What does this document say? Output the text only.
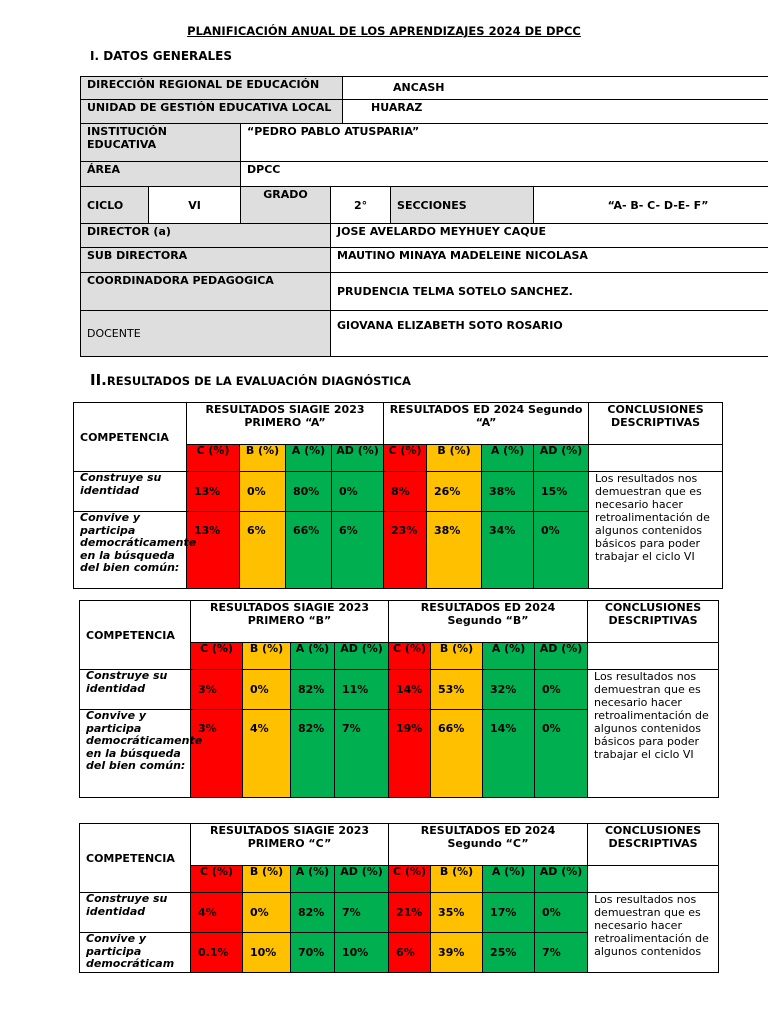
PLANIFICACIÓN ANUAL DE LOS APRENDIZAJES 2024 DE DPCC
I. DATOS GENERALES
II.RESULTADOS DE LA EVALUACIÓN DIAGNÓSTICA
DIRECCIÓN REGIONAL DE EDUCACIÓN				ANCASH		
UNIDAD DE GESTIÓN EDUCATIVA LOCAL				HUARAZ		
INSTITUCIÓN EDUCATIVA		“PEDRO PABLO ATUSPARIA”				
ÁREA		DPCC				
CICLO	VI	GRADO	2°		SECCIONES	“A- B- C- D-E- F”
DIRECTOR (a)			JOSE AVELARDO MEYHUEY CAQUE			
SUB DIRECTORA			MAUTINO MINAYA MADELEINE NICOLASA			
COORDINADORA PEDAGOGICA			PRUDENCIA TELMA SOTELO SANCHEZ.			
DOCENTE			GIOVANA ELIZABETH SOTO ROSARIO			
COMPETENCIA	RESULTADOS SIAGIE 2023 PRIMERO “A”				RESULTADOS ED 2024 Segundo “A”				CONCLUSIONES DESCRIPTIVAS
	C (%)	B (%)	A (%)	AD (%)	C (%)	B (%)	A (%)	AD (%)	
Construye su identidad	13%	0%	80%	0%	8%	26%	38%	15%	Los resultados nos demuestran que es necesario hacer retroalimentación de algunos contenidos básicos para poder trabajar el ciclo VI
Convive y participa democráticamente en la búsqueda del bien común:	13%	6%	66%	6%	23%	38%	34%	0%	
COMPETENCIA	RESULTADOS SIAGIE 2023 PRIMERO “B”				RESULTADOS ED 2024 Segundo “B”				CONCLUSIONES DESCRIPTIVAS
	C (%)	B (%)	A (%)	AD (%)	C (%)	B (%)	A (%)	AD (%)	
Construye su identidad	3%	0%	82%	11%	14%	53%	32%	0%	Los resultados nos demuestran que es necesario hacer retroalimentación de algunos contenidos básicos para poder trabajar el ciclo VI
Convive y participa democráticamente en la búsqueda del bien común:	3%	4%	82%	7%	19%	66%	14%	0%	
COMPETENCIA	RESULTADOS SIAGIE 2023 PRIMERO “C”				RESULTADOS ED 2024 Segundo “C”				CONCLUSIONES DESCRIPTIVAS
	C (%)	B (%)	A (%)	AD (%)	C (%)	B (%)	A (%)	AD (%)	
Construye su identidad	4%	0%	82%	7%	21%	35%	17%	0%	Los resultados nos demuestran que es necesario hacer retroalimentación de algunos contenidos
Convive y participa democráticam	0.1%	10%	70%	10%	6%	39%	25%	7%	
